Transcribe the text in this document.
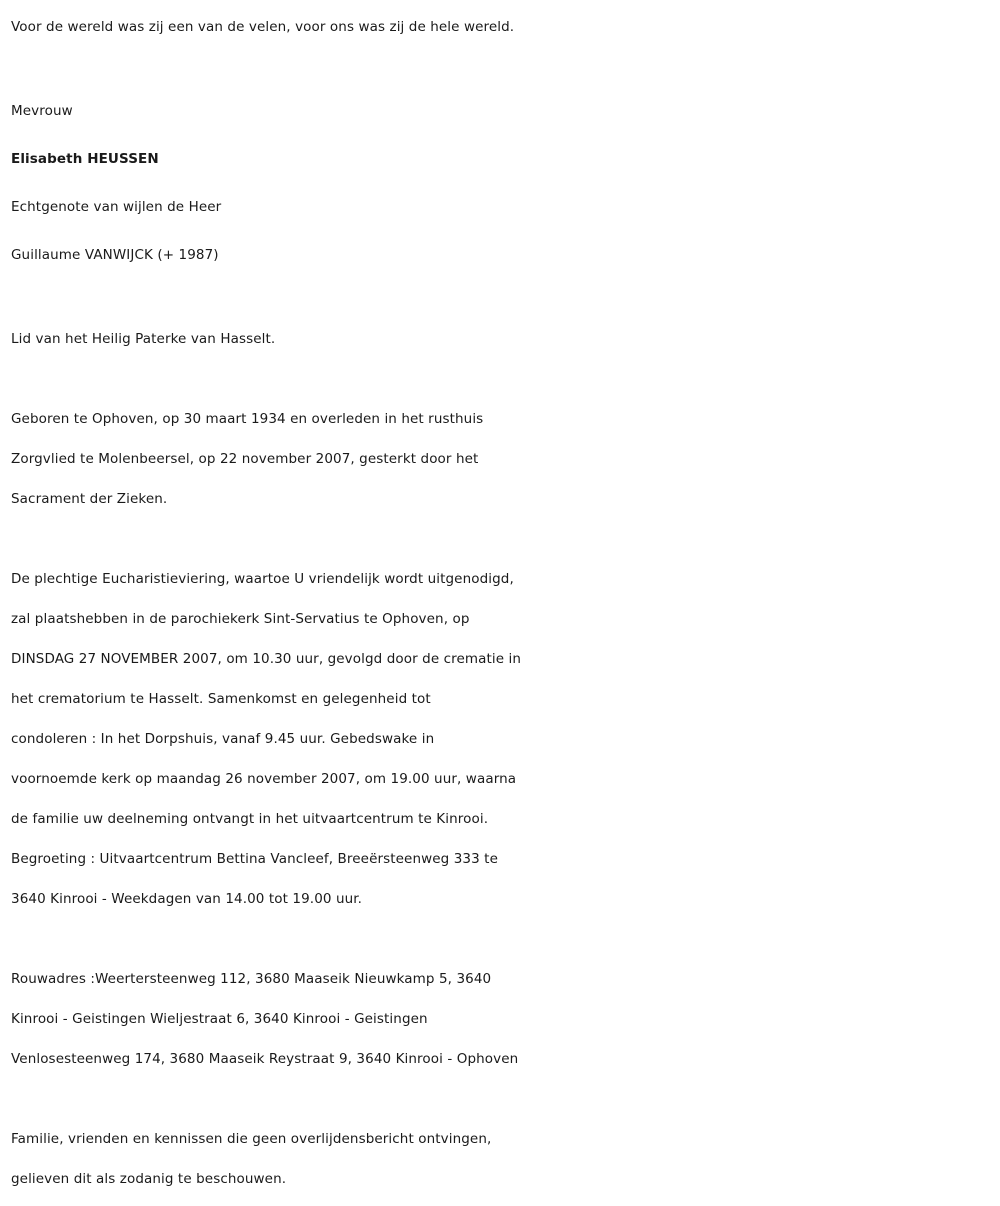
Voor de wereld was zij een van de velen, voor ons was zij de hele wereld.

Mevrouw

Elisabeth HEUSSEN

Echtgenote van wijlen de Heer

Guillaume VANWIJCK (+ 1987)

Lid van het Heilig Paterke van Hasselt.

Geboren te Ophoven, op 30 maart 1934 en overleden in het rusthuis

Zorgvlied te Molenbeersel, op 22 november 2007, gesterkt door het

Sacrament der Zieken.

De plechtige Eucharistieviering, waartoe U vriendelijk wordt uitgenodigd,

zal plaatshebben in de parochiekerk Sint-Servatius te Ophoven, op

DINSDAG 27 NOVEMBER 2007, om 10.30 uur, gevolgd door de crematie in

het crematorium te Hasselt. Samenkomst en gelegenheid tot

condoleren : In het Dorpshuis, vanaf 9.45 uur. Gebedswake in

voornoemde kerk op maandag 26 november 2007, om 19.00 uur, waarna

de familie uw deelneming ontvangt in het uitvaartcentrum te Kinrooi.

Begroeting : Uitvaartcentrum Bettina Vancleef, Breeërsteenweg 333 te

3640 Kinrooi - Weekdagen van 14.00 tot 19.00 uur.

Rouwadres :Weertersteenweg 112, 3680 Maaseik Nieuwkamp 5, 3640

Kinrooi - Geistingen Wieljestraat 6, 3640 Kinrooi - Geistingen

Venlosesteenweg 174, 3680 Maaseik Reystraat 9, 3640 Kinrooi - Ophoven

Familie, vrienden en kennissen die geen overlijdensbericht ontvingen,

gelieven dit als zodanig te beschouwen.
